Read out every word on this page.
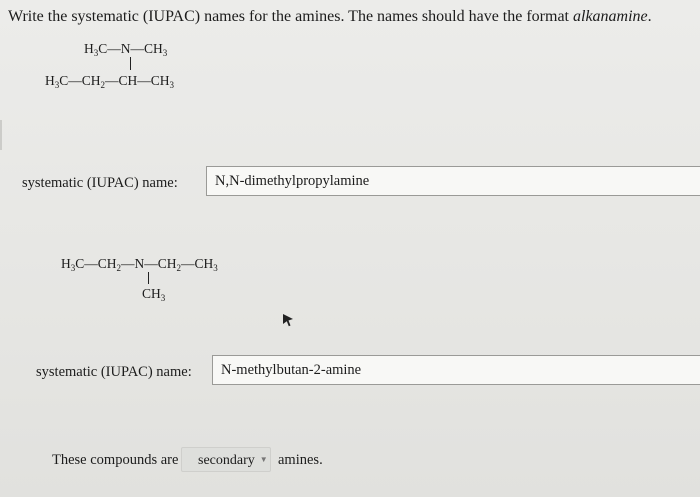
Write the systematic (IUPAC) names for the amines. The names should have the format alkanamine.
$H_3C—N—CH_3$
$H_3C—CH_2—CH—CH_3$
systematic (IUPAC) name:	N,N-dimethylpropylamine
$H_3C—CH_2—N—CH_2—CH_3$
$CH_3$
systematic (IUPAC) name:	N-methylbutan-2-amine
These compounds are	secondary ▼ amines.
